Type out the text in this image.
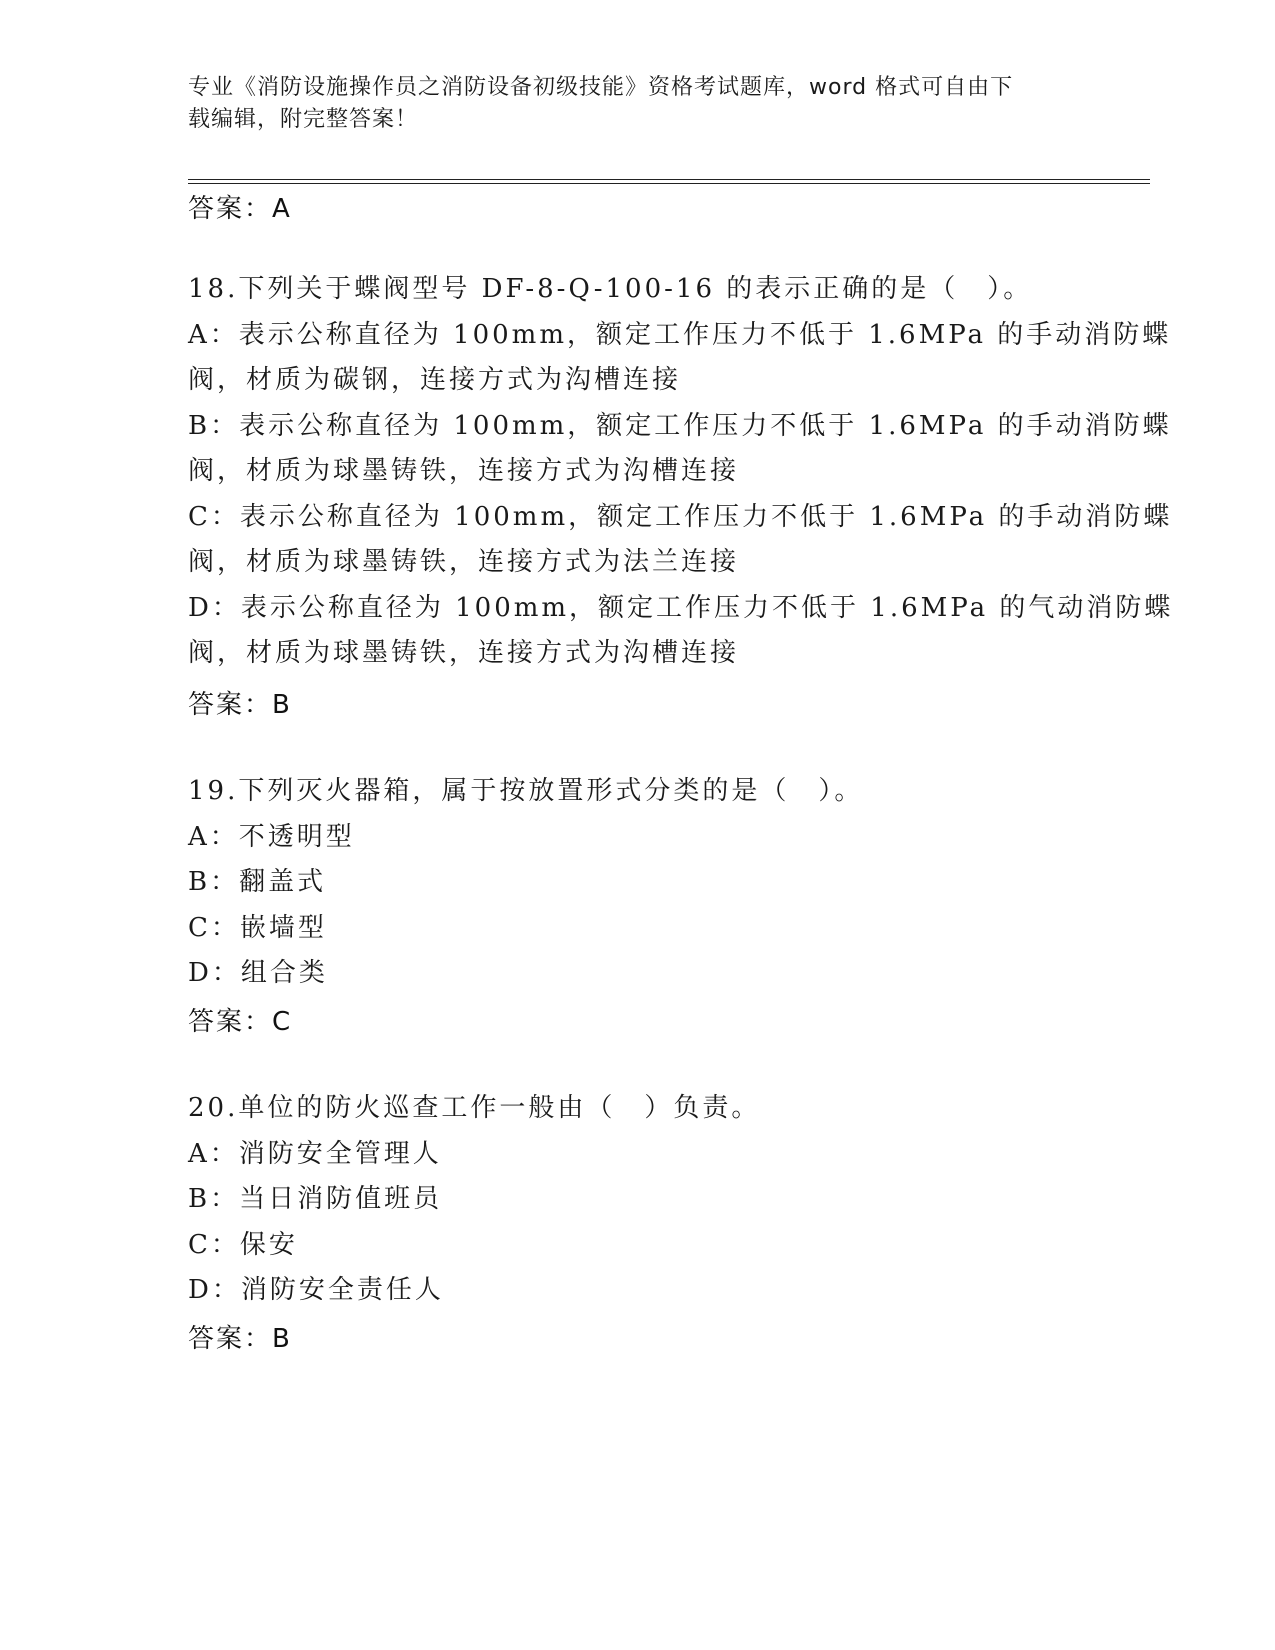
专业《消防设施操作员之消防设备初级技能》资格考试题库，word 格式可自由下
载编辑，附完整答案！
答案：A
18.下列关于蝶阀型号 DF-8-Q-100-16 的表示正确的是（　）。
A：表示公称直径为 100mm，额定工作压力不低于 1.6MPa 的手动消防蝶
阀，材质为碳钢，连接方式为沟槽连接
B：表示公称直径为 100mm，额定工作压力不低于 1.6MPa 的手动消防蝶
阀，材质为球墨铸铁，连接方式为沟槽连接
C：表示公称直径为 100mm，额定工作压力不低于 1.6MPa 的手动消防蝶
阀，材质为球墨铸铁，连接方式为法兰连接
D：表示公称直径为 100mm，额定工作压力不低于 1.6MPa 的气动消防蝶
阀，材质为球墨铸铁，连接方式为沟槽连接
答案：B
19.下列灭火器箱，属于按放置形式分类的是（　）。
A：不透明型
B：翻盖式
C：嵌墙型
D：组合类
答案：C
20.单位的防火巡查工作一般由（　）负责。
A：消防安全管理人
B：当日消防值班员
C：保安
D：消防安全责任人
答案：B
